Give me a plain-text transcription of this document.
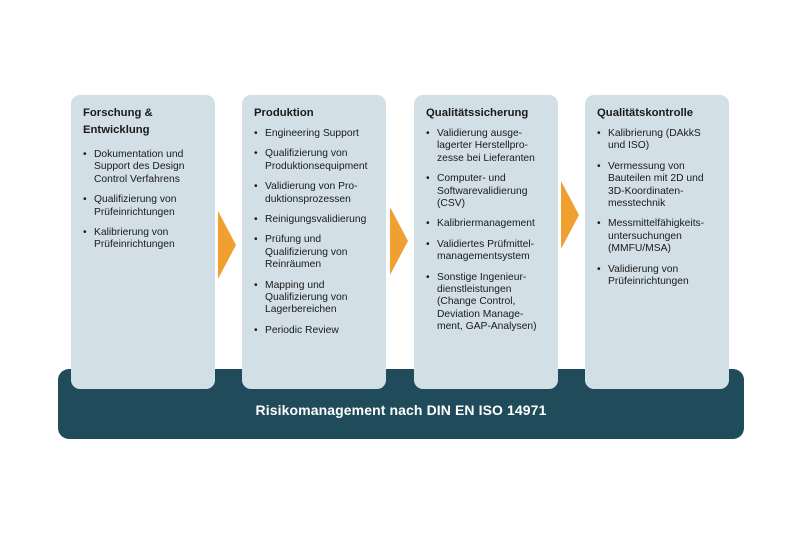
Risikomanagement nach DIN EN ISO 14971

Forschung &
Entwicklung

• Dokumentation und
Support des Design
Control Verfahrens
• Qualifizierung von
Prüfeinrichtungen
• Kalibrierung von
Prüfeinrichtungen

Produktion

• Engineering Support
• Qualifizierung von
Produktionsequipment
• Validierung von Pro-
duktionsprozessen
• Reinigungsvalidierung
• Prüfung und
Qualifizierung von
Reinräumen
• Mapping und
Qualifizierung von
Lagerbereichen
• Periodic Review

Qualitätssicherung

• Validierung ausge-
lagerter Herstellpro-
zesse bei Lieferanten
• Computer- und
Softwarevalidierung
(CSV)
• Kalibriermanagement
• Validiertes Prüfmittel-
managementsystem
• Sonstige Ingenieur-
dienstleistungen
(Change Control,
Deviation Manage-
ment, GAP-Analysen)

Qualitätskontrolle

• Kalibrierung (DAkkS
und ISO)
• Vermessung von
Bauteilen mit 2D und
3D-Koordinaten-
messtechnik
• Messmittelfähigkeits-
untersuchungen
(MMFU/MSA)
• Validierung von
Prüfeinrichtungen
